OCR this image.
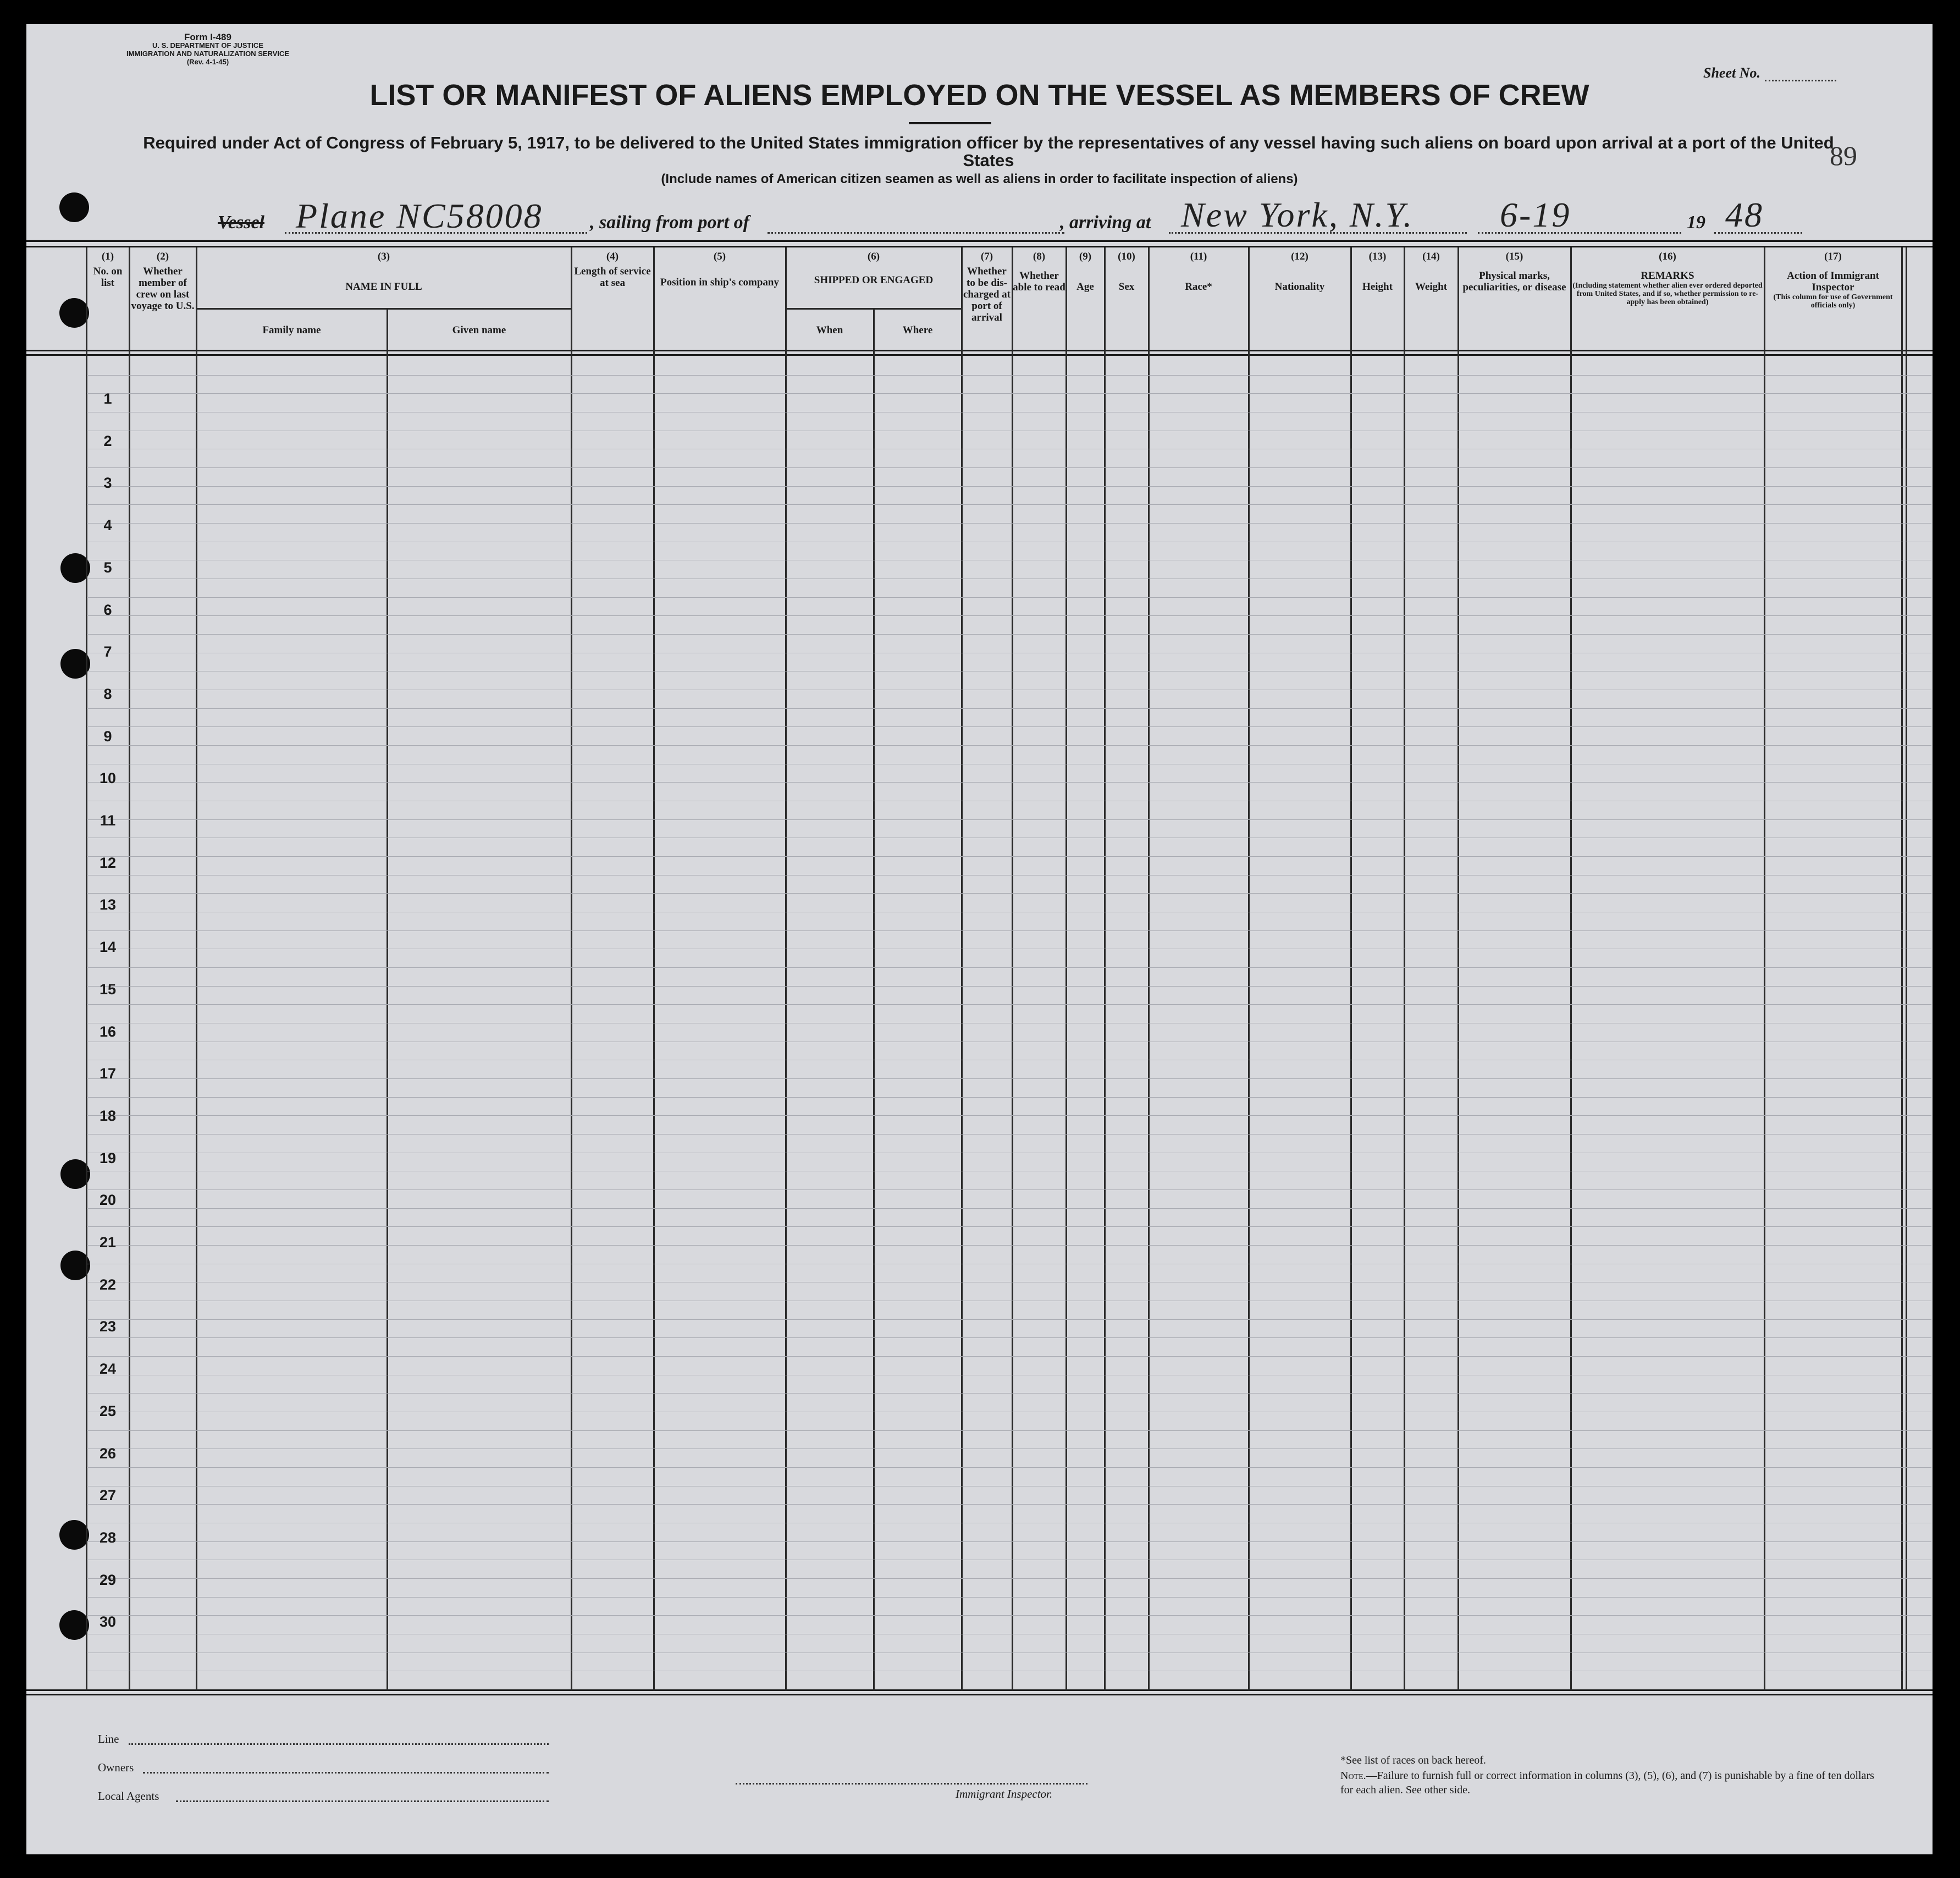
Form I-489
U. S. DEPARTMENT OF JUSTICE
IMMIGRATION AND NATURALIZATION SERVICE
(Rev. 4-1-45)
Sheet No.
LIST OR MANIFEST OF ALIENS EMPLOYED ON THE VESSEL AS MEMBERS OF CREW
Required under Act of Congress of February 5, 1917, to be delivered to the United States immigration officer by the representatives of any vessel having such aliens on board upon arrival at a port of the United States
(Include names of American citizen seamen as well as aliens in order to facilitate inspection of aliens)
89
Vessel Plane NC58008	, sailing from port of	, arriving at New York, N.Y. 6-19	19 48
(1)
No. on list
(2)
Whether member of crew on last voyage to U.S.
(3)
NAME IN FULL
Family name	Given name
(4)
Length of service at sea
(5)
Position in ship's company
(6)
SHIPPED OR ENGAGED
When	Where
(7)
Whether to be dis-charged at port of arrival
(8)
Whether able to read
(9)
Age
(10)
Sex
(11)
Race*
(12)
Nationality
(13)
Height
(14)
Weight
(15)
Physical marks, peculiarities, or disease
(16)
REMARKS
(Including statement whether alien ever ordered deported from United States, and if so, whether permission to re-apply has been obtained)
(17)
Action of Immigrant Inspector
(This column for use of Government officials only)
1
2
3
4
5
6
7
8
9
10
11
12
13
14
15
16
17
18
19
20
21
22
23
24
25
26
27
28
29
30
Line
Owners
Local Agents	Immigrant Inspector.
*See list of races on back hereof.
Note.—Failure to furnish full or correct information in columns (3), (5), (6), and (7) is punishable by a fine of ten dollars for each alien. See other side.
